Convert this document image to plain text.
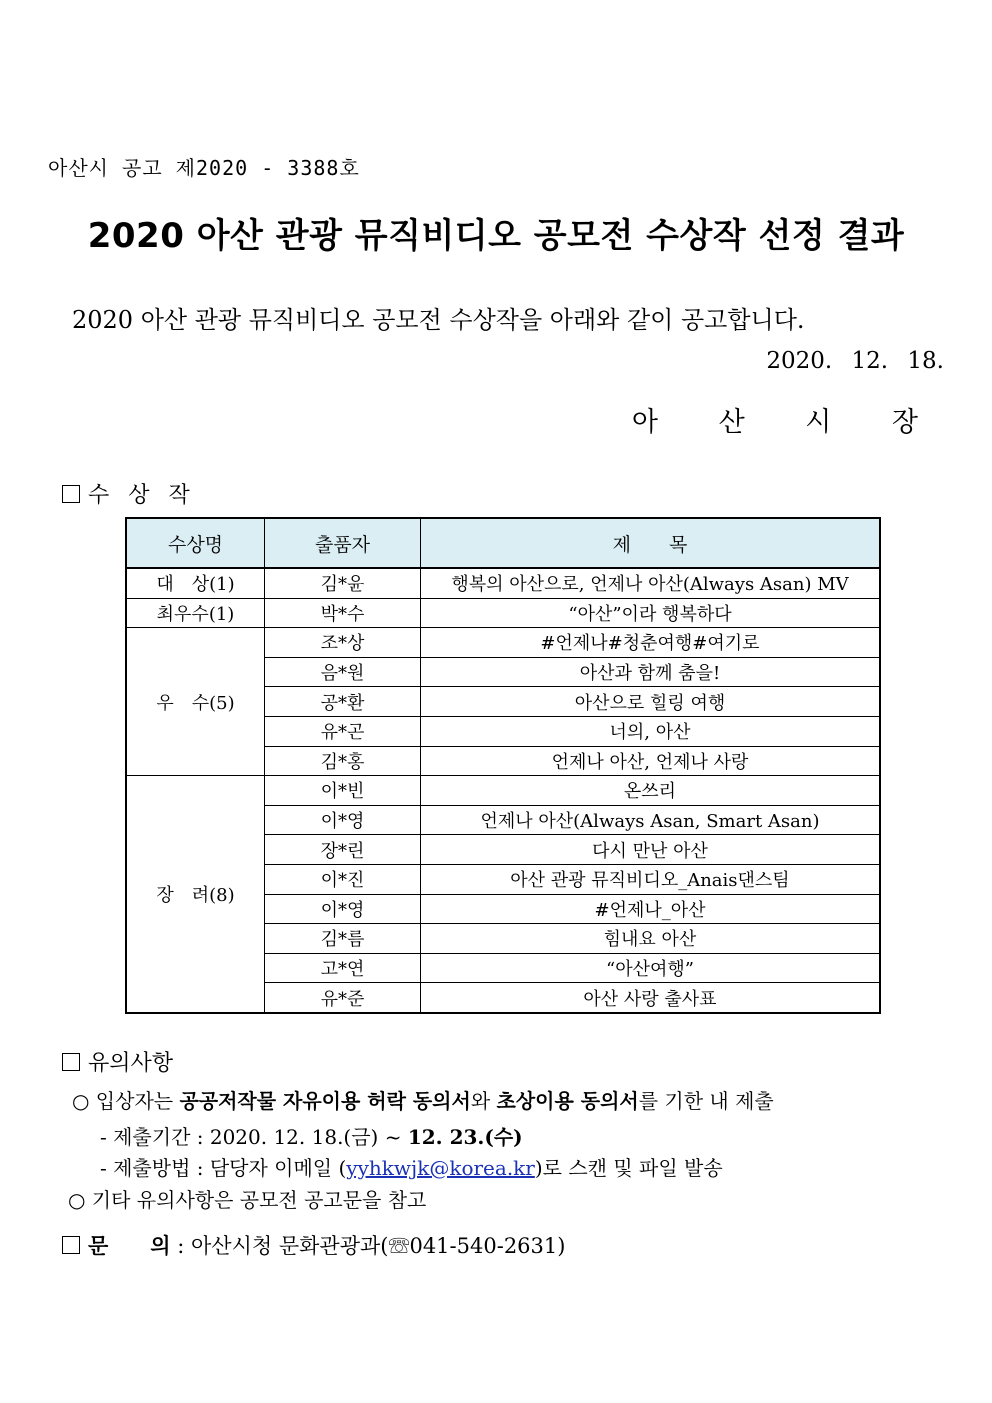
아산시 공고 제2020 - 3388호
2020 아산 관광 뮤직비디오 공모전 수상작 선정 결과
2020 아산 관광 뮤직비디오 공모전 수상작을 아래와 같이 공고합니다.
2020. 12. 18.
아 산 시 장
수 상 작
수상명	출품자	제　　목
대　상(1)	김*윤	행복의 아산으로, 언제나 아산(Always Asan) MV
최우수(1)	박*수	“아산”이라 행복하다
우　수(5)	조*상	#언제나#청춘여행#여기로
	음*원	아산과 함께 춤을!
	공*환	아산으로 힐링 여행
	유*곤	너의, 아산
	김*홍	언제나 아산, 언제나 사랑
장　려(8)	이*빈	온쓰리
	이*영	언제나 아산(Always Asan, Smart Asan)
	장*린	다시 만난 아산
	이*진	아산 관광 뮤직비디오_Anais댄스팀
	이*영	#언제나_아산
	김*름	힘내요 아산
	고*연	“아산여행”
	유*준	아산 사랑 출사표
유의사항
○ 입상자는 공공저작물 자유이용 허락 동의서와 초상이용 동의서를 기한 내 제출
- 제출기간 : 2020. 12. 18.(금) ~ 12. 23.(수)
- 제출방법 : 담당자 이메일 (yyhkwjk@korea.kr)로 스캔 및 파일 발송
○ 기타 유의사항은 공모전 공고문을 참고
문　　의 : 아산시청 문화관광과(☏041-540-2631)
